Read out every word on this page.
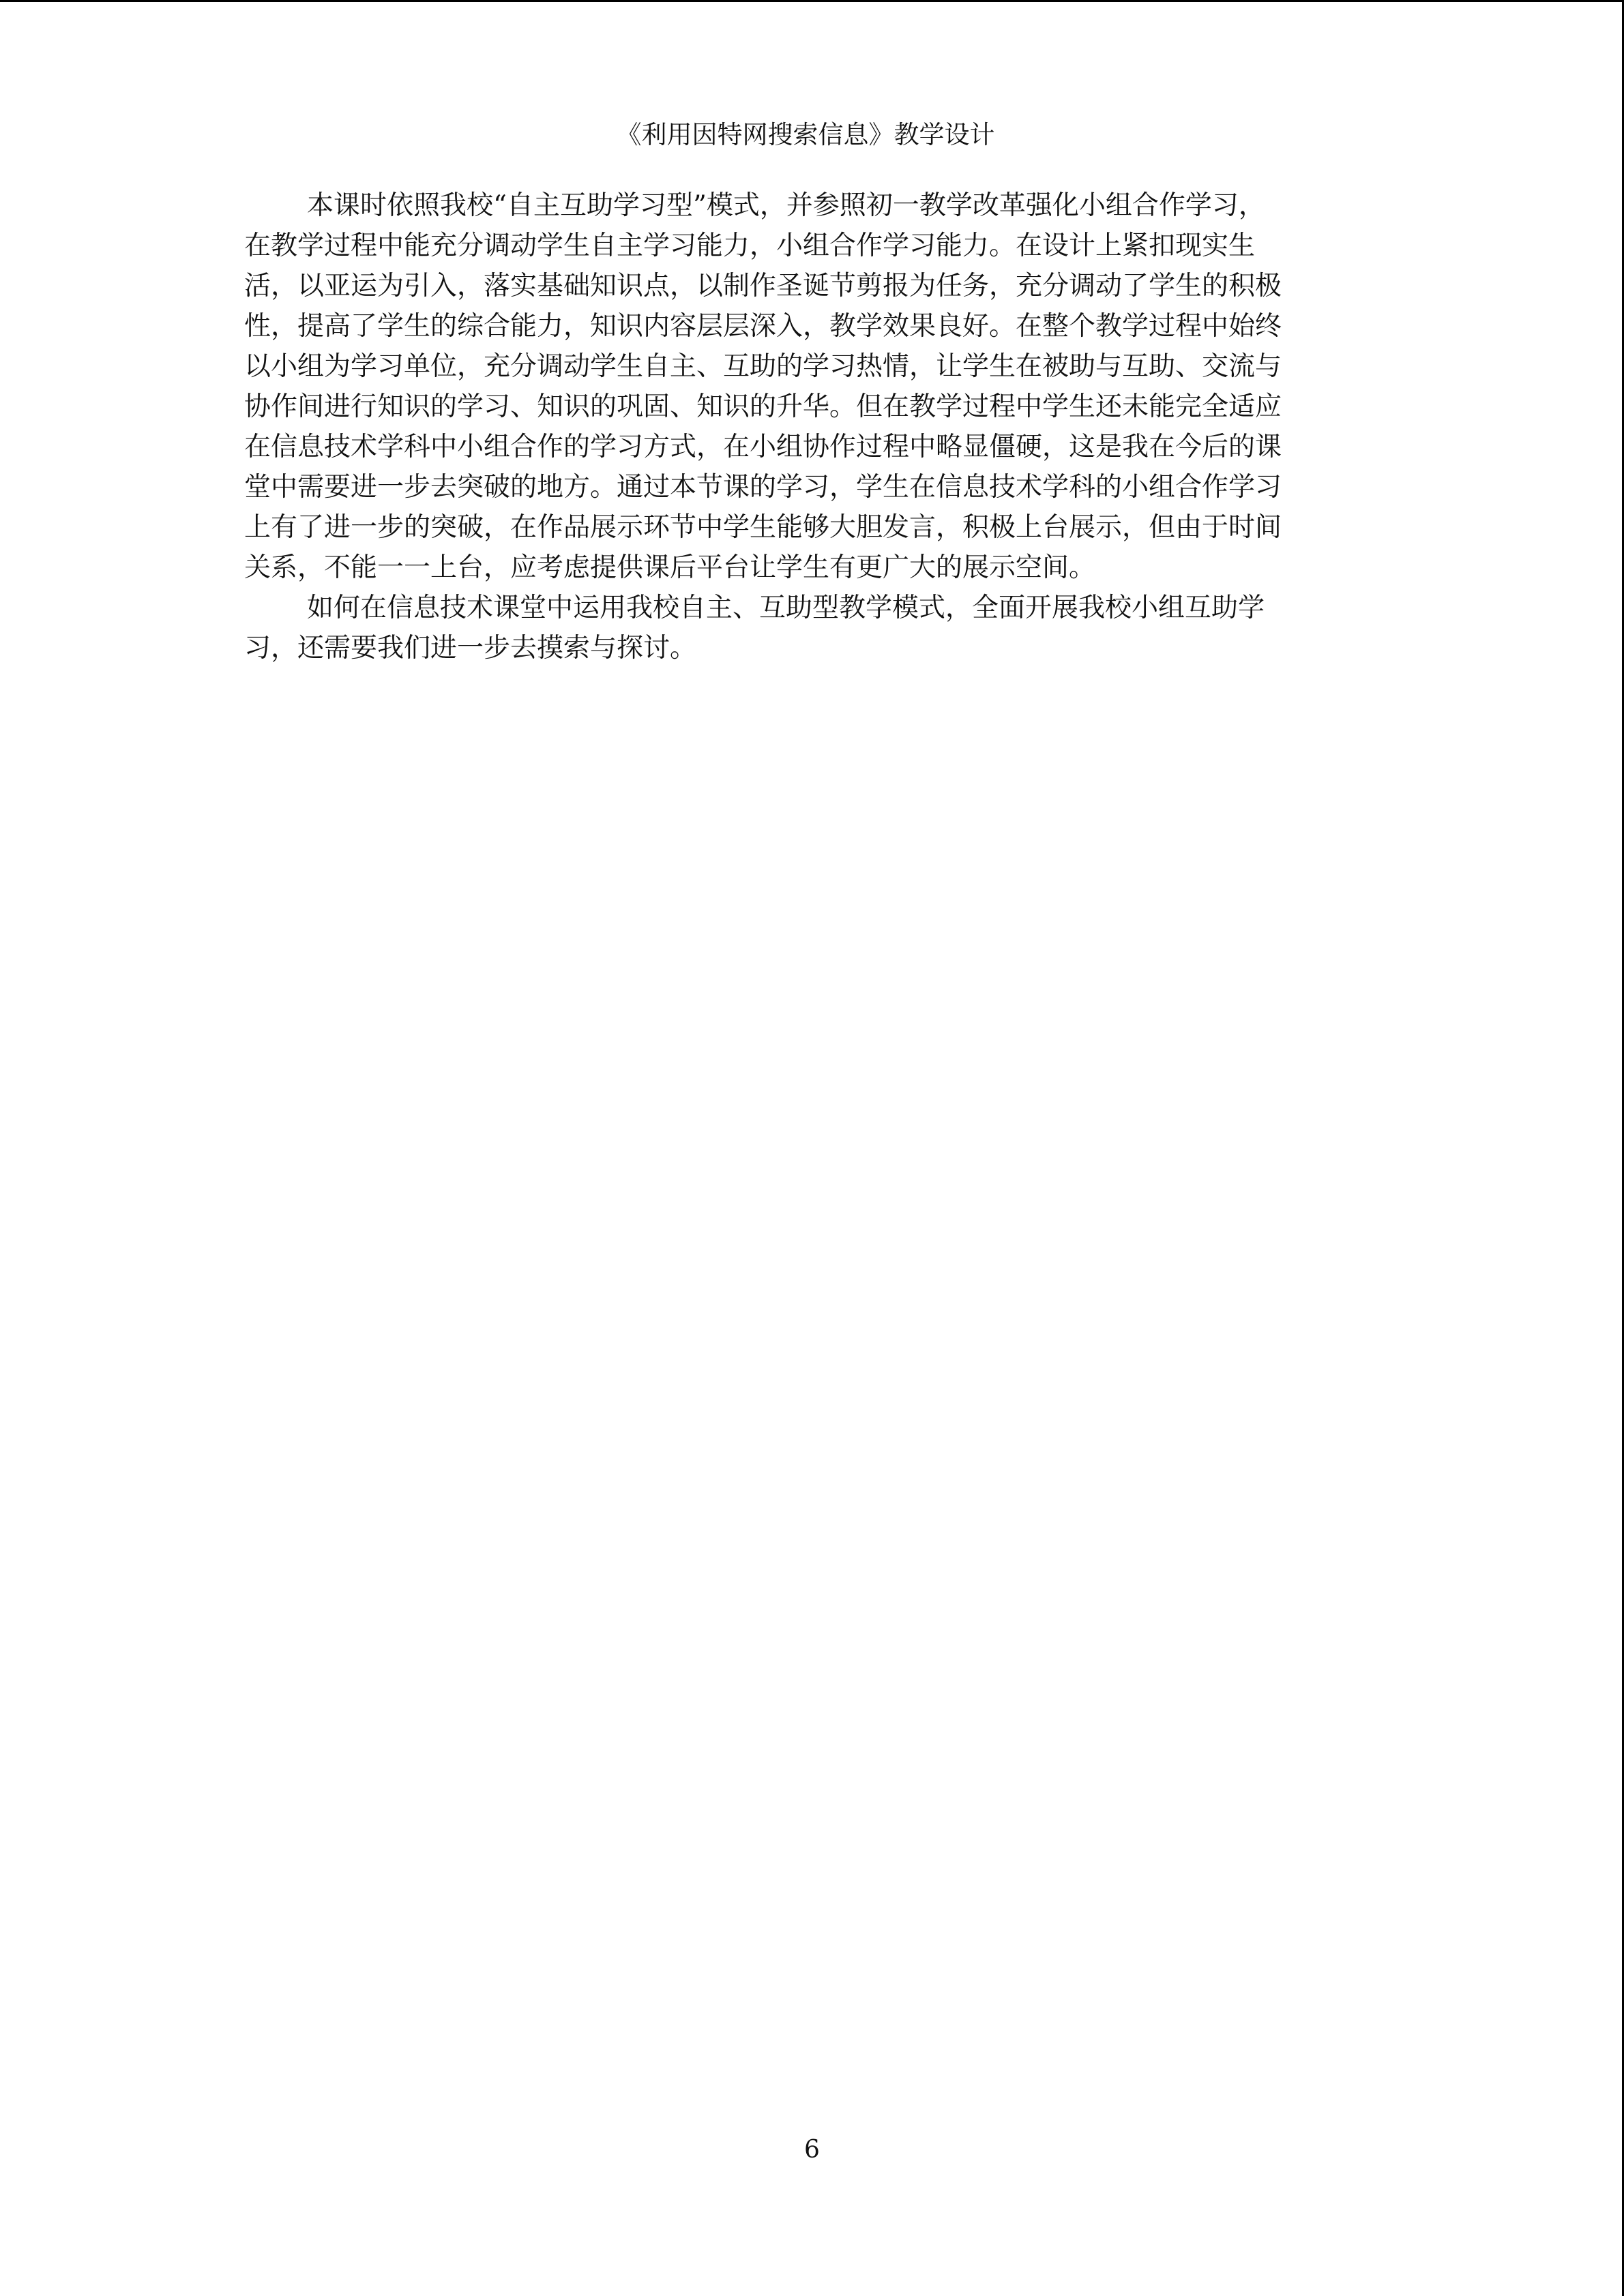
《利用因特网搜索信息》教学设计
本课时依照我校“自主互助学习型”模式，并参照初一教学改革强化小组合作学习，
在教学过程中能充分调动学生自主学习能力，小组合作学习能力。在设计上紧扣现实生
活，以亚运为引入，落实基础知识点，以制作圣诞节剪报为任务，充分调动了学生的积极
性，提高了学生的综合能力，知识内容层层深入，教学效果良好。在整个教学过程中始终
以小组为学习单位，充分调动学生自主、互助的学习热情，让学生在被助与互助、交流与
协作间进行知识的学习、知识的巩固、知识的升华。但在教学过程中学生还未能完全适应
在信息技术学科中小组合作的学习方式，在小组协作过程中略显僵硬，这是我在今后的课
堂中需要进一步去突破的地方。通过本节课的学习，学生在信息技术学科的小组合作学习
上有了进一步的突破，在作品展示环节中学生能够大胆发言，积极上台展示，但由于时间
关系，不能一一上台，应考虑提供课后平台让学生有更广大的展示空间。
如何在信息技术课堂中运用我校自主、互助型教学模式，全面开展我校小组互助学
习，还需要我们进一步去摸索与探讨。
6
